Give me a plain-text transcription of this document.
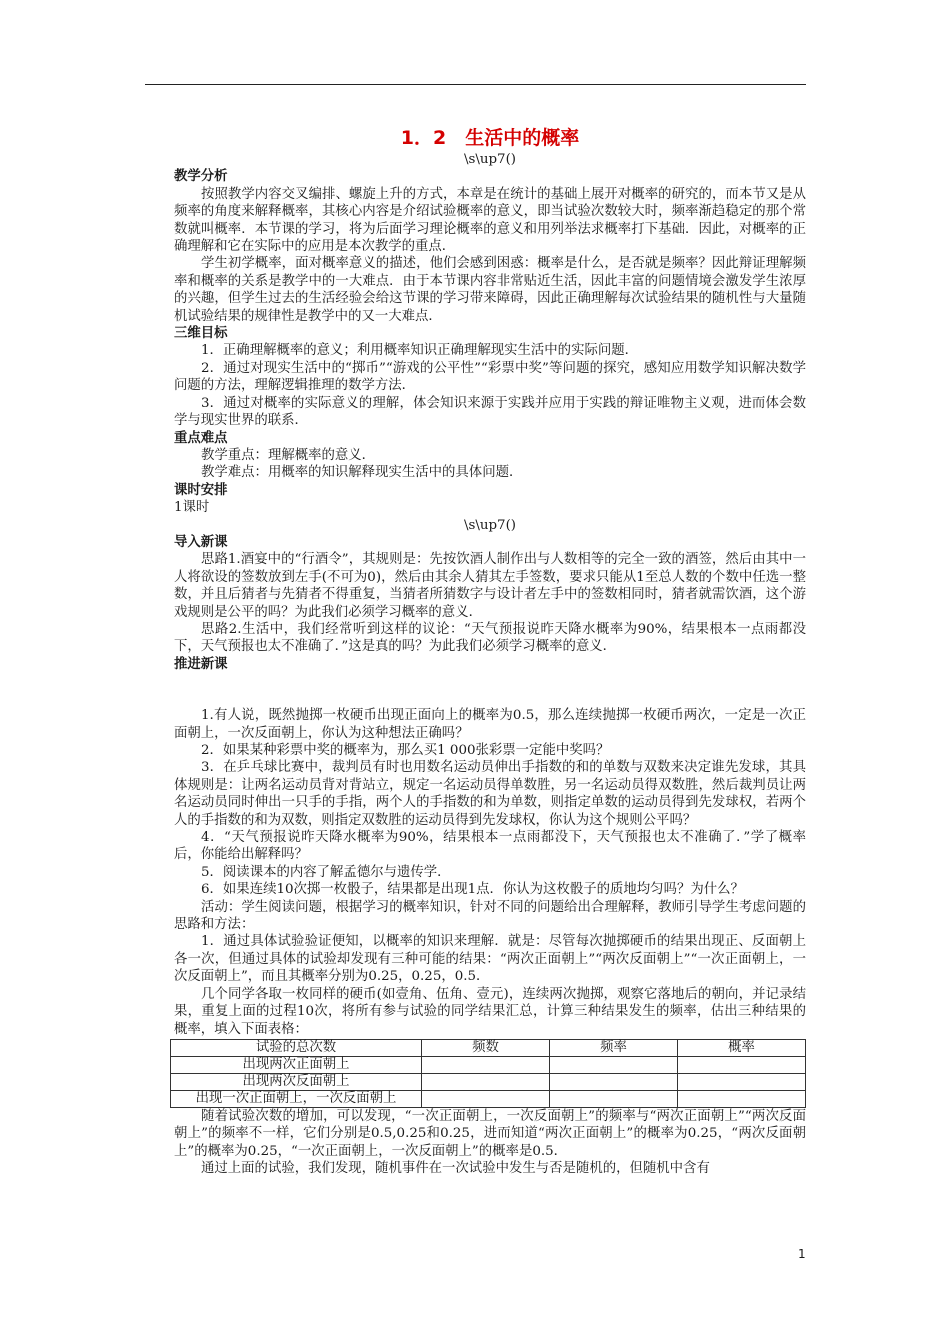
1．2　生活中的概率
\s\up7()
教学分析

按照教学内容交叉编排、螺旋上升的方式，本章是在统计的基础上展开对概率的研究的，而本节又是从频率的角度来解释概率，其核心内容是介绍试验概率的意义，即当试验次数较大时，频率渐趋稳定的那个常数就叫概率．本节课的学习，将为后面学习理论概率的意义和用列举法求概率打下基础．因此，对概率的正确理解和它在实际中的应用是本次教学的重点．

学生初学概率，面对概率意义的描述，他们会感到困惑：概率是什么，是否就是频率？因此辩证理解频率和概率的关系是教学中的一大难点．由于本节课内容非常贴近生活，因此丰富的问题情境会激发学生浓厚的兴趣，但学生过去的生活经验会给这节课的学习带来障碍，因此正确理解每次试验结果的随机性与大量随机试验结果的规律性是教学中的又一大难点．

三维目标

1．正确理解概率的意义；利用概率知识正确理解现实生活中的实际问题．

2．通过对现实生活中的“掷币”“游戏的公平性”“彩票中奖”等问题的探究，感知应用数学知识解决数学问题的方法，理解逻辑推理的数学方法．

3．通过对概率的实际意义的理解，体会知识来源于实践并应用于实践的辩证唯物主义观，进而体会数学与现实世界的联系．

重点难点

教学重点：理解概率的意义．

教学难点：用概率的知识解释现实生活中的具体问题．

课时安排

1课时

\s\up7()
导入新课

思路1.酒宴中的“行酒令”，其规则是：先按饮酒人制作出与人数相等的完全一致的酒签，然后由其中一人将欲设的签数放到左手(不可为0)，然后由其余人猜其左手签数，要求只能从1至总人数的个数中任选一整数，并且后猜者与先猜者不得重复，当猜者所猜数字与设计者左手中的签数相同时，猜者就需饮酒，这个游戏规则是公平的吗？为此我们必须学习概率的意义．

思路2.生活中，我们经常听到这样的议论：“天气预报说昨天降水概率为90%，结果根本一点雨都没下，天气预报也太不准确了．”这是真的吗？为此我们必须学习概率的意义．

推进新课

1.有人说，既然抛掷一枚硬币出现正面向上的概率为0.5，那么连续抛掷一枚硬币两次，一定是一次正面朝上，一次反面朝上，你认为这种想法正确吗？

2．如果某种彩票中奖的概率为，那么买1 000张彩票一定能中奖吗？

3．在乒乓球比赛中，裁判员有时也用数名运动员伸出手指数的和的单数与双数来决定谁先发球，其具体规则是：让两名运动员背对背站立，规定一名运动员得单数胜，另一名运动员得双数胜，然后裁判员让两名运动员同时伸出一只手的手指，两个人的手指数的和为单数，则指定单数的运动员得到先发球权，若两个人的手指数的和为双数，则指定双数胜的运动员得到先发球权，你认为这个规则公平吗？

4．“天气预报说昨天降水概率为90%，结果根本一点雨都没下，天气预报也太不准确了．”学了概率后，你能给出解释吗？

5．阅读课本的内容了解孟德尔与遗传学．

6．如果连续10次掷一枚骰子，结果都是出现1点．你认为这枚骰子的质地均匀吗？为什么？

活动：学生阅读问题，根据学习的概率知识，针对不同的问题给出合理解释，教师引导学生考虑问题的思路和方法：

1．通过具体试验验证便知，以概率的知识来理解．就是：尽管每次抛掷硬币的结果出现正、反面朝上各一次，但通过具体的试验却发现有三种可能的结果：“两次正面朝上”“两次反面朝上”“一次正面朝上，一次反面朝上”，而且其概率分别为0.25，0.25，0.5．

几个同学各取一枚同样的硬币(如壹角、伍角、壹元)，连续两次抛掷，观察它落地后的朝向，并记录结果，重复上面的过程10次，将所有参与试验的同学结果汇总，计算三种结果发生的频率，估出三种结果的概率，填入下面表格：

试验的总次数	频数	频率	概率
出现两次正面朝上			
出现两次反面朝上			
出现一次正面朝上，一次反面朝上			

随着试验次数的增加，可以发现，“一次正面朝上，一次反面朝上”的频率与“两次正面朝上”“两次反面朝上”的频率不一样，它们分别是0.5,0.25和0.25，进而知道“两次正面朝上”的概率为0.25，“两次反面朝上”的概率为0.25，“一次正面朝上，一次反面朝上”的概率是0.5．

通过上面的试验，我们发现，随机事件在一次试验中发生与否是随机的，但随机中含有

1
